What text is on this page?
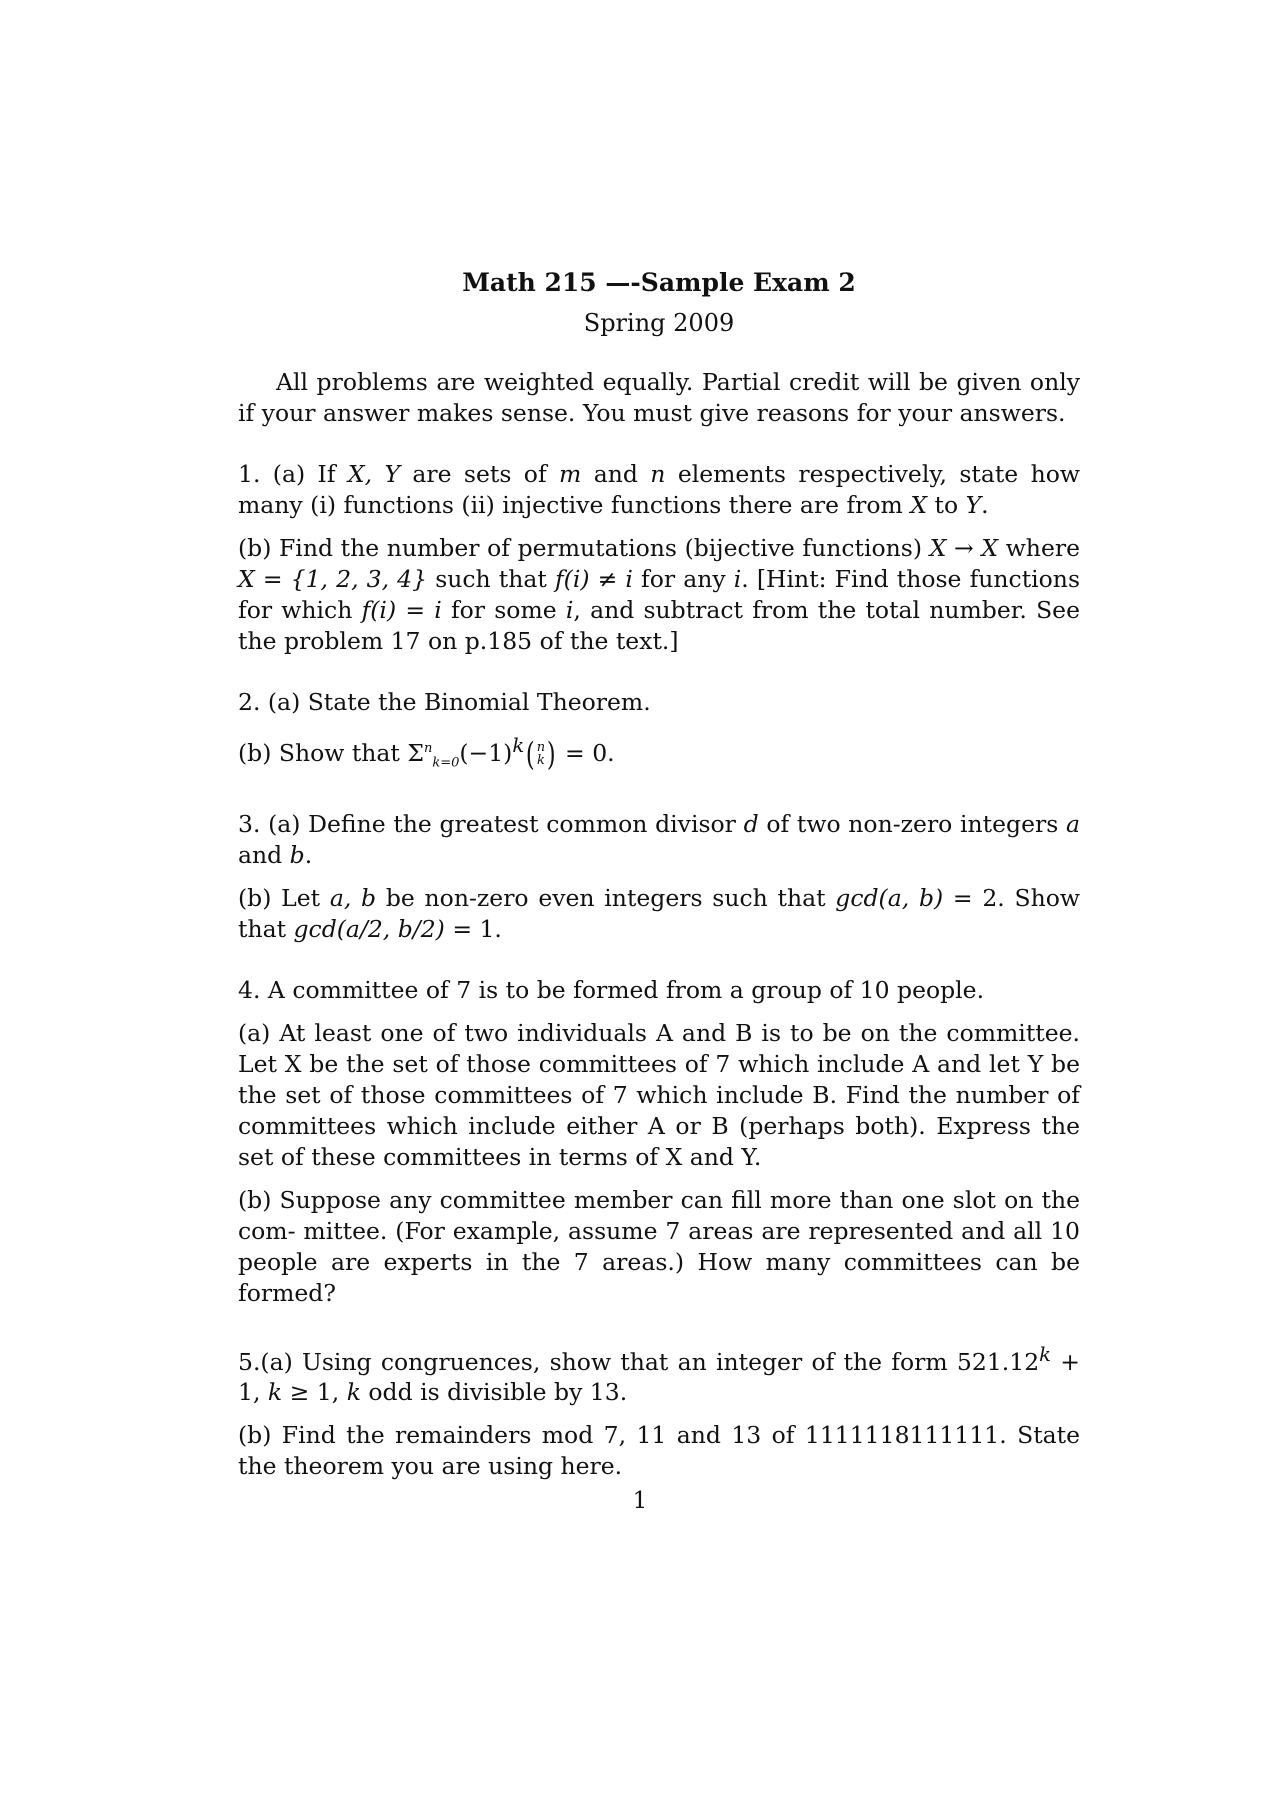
Math 215 —-Sample Exam 2
Spring 2009

All problems are weighted equally. Partial credit will be given only if your answer makes sense. You must give reasons for your answers.

1. (a) If X, Y are sets of m and n elements respectively, state how many (i) functions (ii) injective functions there are from X to Y.

(b) Find the number of permutations (bijective functions) X → X where X = {1, 2, 3, 4} such that f(i) ≠ i for any i. [Hint: Find those functions for which f(i) = i for some i, and subtract from the total number. See the problem 17 on p.185 of the text.]

2. (a) State the Binomial Theorem.

(b) Show that $\Sigma^n_{k=0}(-1)^k$ ( n
k ) = 0.

3. (a) Define the greatest common divisor d of two non-zero integers a and b.

(b) Let a, b be non-zero even integers such that gcd(a, b) = 2. Show that gcd(a/2, b/2) = 1.

4. A committee of 7 is to be formed from a group of 10 people.

(a) At least one of two individuals A and B is to be on the committee. Let X be the set of those committees of 7 which include A and let Y be the set of those committees of 7 which include B. Find the number of committees which include either A or B (perhaps both). Express the set of these committees in terms of X and Y.

(b) Suppose any committee member can fill more than one slot on the com- mittee. (For example, assume 7 areas are represented and all 10 people are experts in the 7 areas.) How many committees can be formed?

5.(a) Using congruences, show that an integer of the form $521.12^k + 1$, k ≥ 1, k odd is divisible by 13.

(b) Find the remainders mod 7, 11 and 13 of 1111118111111. State the theorem you are using here.

1
